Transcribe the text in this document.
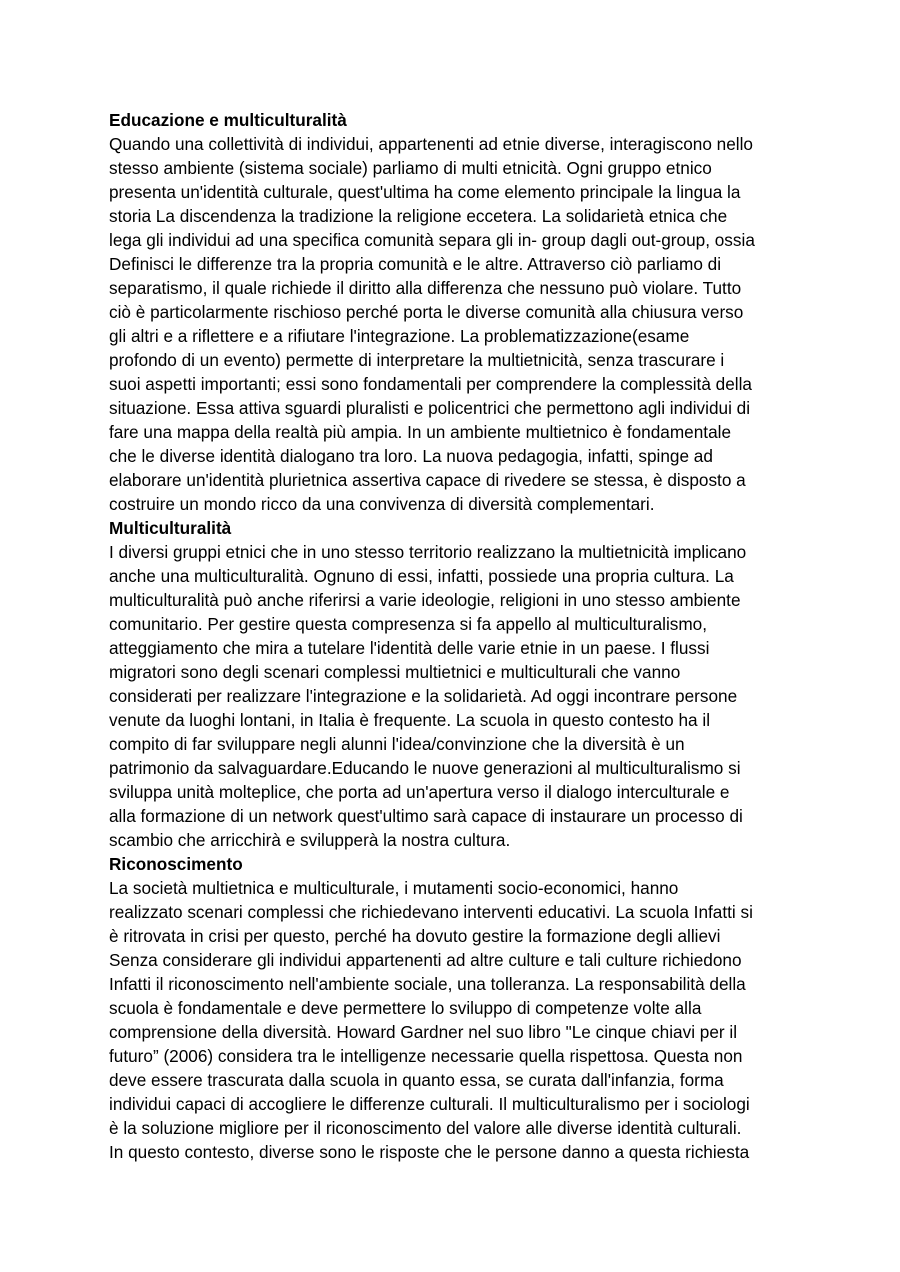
Educazione e multiculturalità
Quando una collettività di individui, appartenenti ad etnie diverse, interagiscono nello
stesso ambiente (sistema sociale) parliamo di multi etnicità. Ogni gruppo etnico
presenta un'identità culturale, quest'ultima ha come elemento principale la lingua la
storia La discendenza la tradizione la religione eccetera. La solidarietà etnica che
lega gli individui ad una specifica comunità separa gli in- group dagli out-group, ossia
Definisci le differenze tra la propria comunità e le altre. Attraverso ciò parliamo di
separatismo, il quale richiede il diritto alla differenza che nessuno può violare. Tutto
ciò è particolarmente rischioso perché porta le diverse comunità alla chiusura verso
gli altri e a riflettere e a rifiutare l'integrazione. La problematizzazione(esame
profondo di un evento) permette di interpretare la multietnicità, senza trascurare i
suoi aspetti importanti; essi sono fondamentali per comprendere la complessità della
situazione. Essa attiva sguardi pluralisti e policentrici che permettono agli individui di
fare una mappa della realtà più ampia. In un ambiente multietnico è fondamentale
che le diverse identità dialogano tra loro. La nuova pedagogia, infatti, spinge ad
elaborare un'identità plurietnica assertiva capace di rivedere se stessa, è disposto a
costruire un mondo ricco da una convivenza di diversità complementari.
Multiculturalità
I diversi gruppi etnici che in uno stesso territorio realizzano la multietnicità implicano
anche una multiculturalità. Ognuno di essi, infatti, possiede una propria cultura. La
multiculturalità può anche riferirsi a varie ideologie, religioni in uno stesso ambiente
comunitario. Per gestire questa compresenza si fa appello al multiculturalismo,
atteggiamento che mira a tutelare l'identità delle varie etnie in un paese. I flussi
migratori sono degli scenari complessi multietnici e multiculturali che vanno
considerati per realizzare l'integrazione e la solidarietà. Ad oggi incontrare persone
venute da luoghi lontani, in Italia è frequente. La scuola in questo contesto ha il
compito di far sviluppare negli alunni l'idea/convinzione che la diversità è un
patrimonio da salvaguardare.Educando le nuove generazioni al multiculturalismo si
sviluppa unità molteplice, che porta ad un'apertura verso il dialogo interculturale e
alla formazione di un network quest'ultimo sarà capace di instaurare un processo di
scambio che arricchirà e svilupperà la nostra cultura.
Riconoscimento
La società multietnica e multiculturale, i mutamenti socio-economici, hanno
realizzato scenari complessi che richiedevano interventi educativi. La scuola Infatti si
è ritrovata in crisi per questo, perché ha dovuto gestire la formazione degli allievi
Senza considerare gli individui appartenenti ad altre culture e tali culture richiedono
Infatti il riconoscimento nell'ambiente sociale, una tolleranza. La responsabilità della
scuola è fondamentale e deve permettere lo sviluppo di competenze volte alla
comprensione della diversità. Howard Gardner nel suo libro "Le cinque chiavi per il
futuro” (2006) considera tra le intelligenze necessarie quella rispettosa. Questa non
deve essere trascurata dalla scuola in quanto essa, se curata dall'infanzia, forma
individui capaci di accogliere le differenze culturali. Il multiculturalismo per i sociologi
è la soluzione migliore per il riconoscimento del valore alle diverse identità culturali.
In questo contesto, diverse sono le risposte che le persone danno a questa richiesta
